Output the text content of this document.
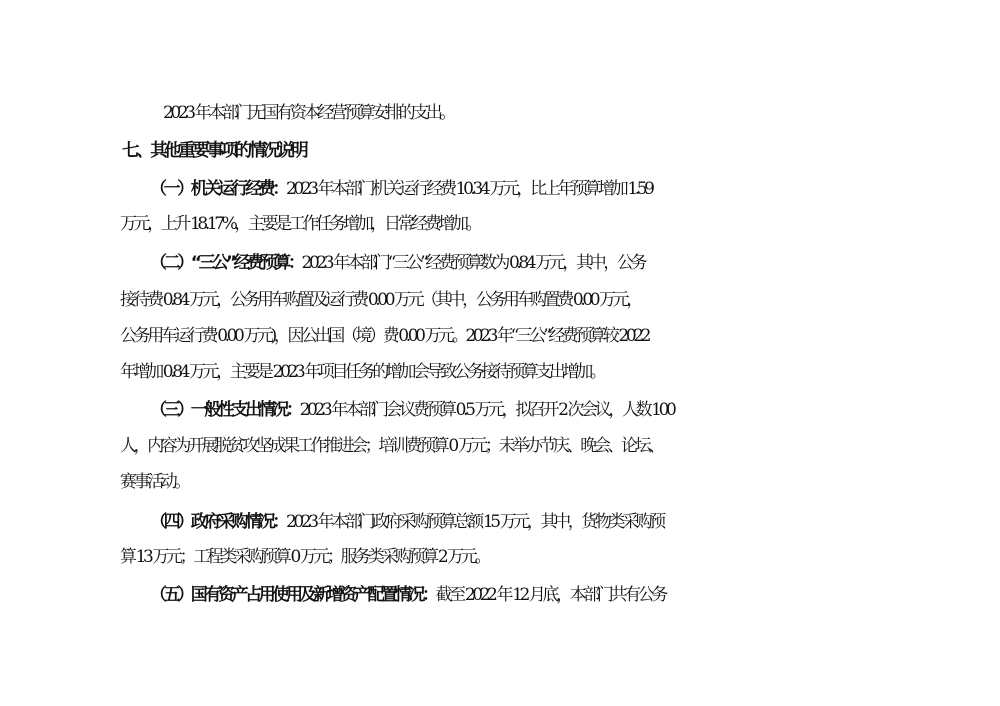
2023 年本部门无国有资本经营预算安排的支出。
七、其他重要事项的情况说明
（一）机关运行经费：2023 年本部门机关运行经费 10.34 万元，比上年预算增加 1.59
万元，上升 18.17%，主要是工作任务增加，日常经费增加。
（二）“三公”经费预算：2023 年本部门“三公”经费预算数为 0.84 万元，其中，公务
接待费 0.84 万元，公务用车购置及运行费 0.00 万元（其中，公务用车购置费 0.00 万元，
公务用车运行费 0.00 万元)，因公出国（境）费 0.00 万元。2023 年“三公”经费预算较 2022
年增加 0.84 万元，主要是 2023 年项目任务的增加会导致公务接待预算支出增加。
（三）一般性支出情况：2023 年本部门会议费预算 0.5 万元，拟召开 2 次会议，人数 100
人，内容为开展脱贫攻坚成果工作推进会；培训费预算 0 万元；未举办节庆、晚会、论坛、
赛事活动。
（四）政府采购情况：2023 年本部门政府采购预算总额 15 万元，其中，货物类采购预
算 13 万元；工程类采购预算 0 万元；服务类采购预算 2 万元。
（五）国有资产占用使用及新增资产配置情况：截至 2022 年 12 月底，本部门共有公务
